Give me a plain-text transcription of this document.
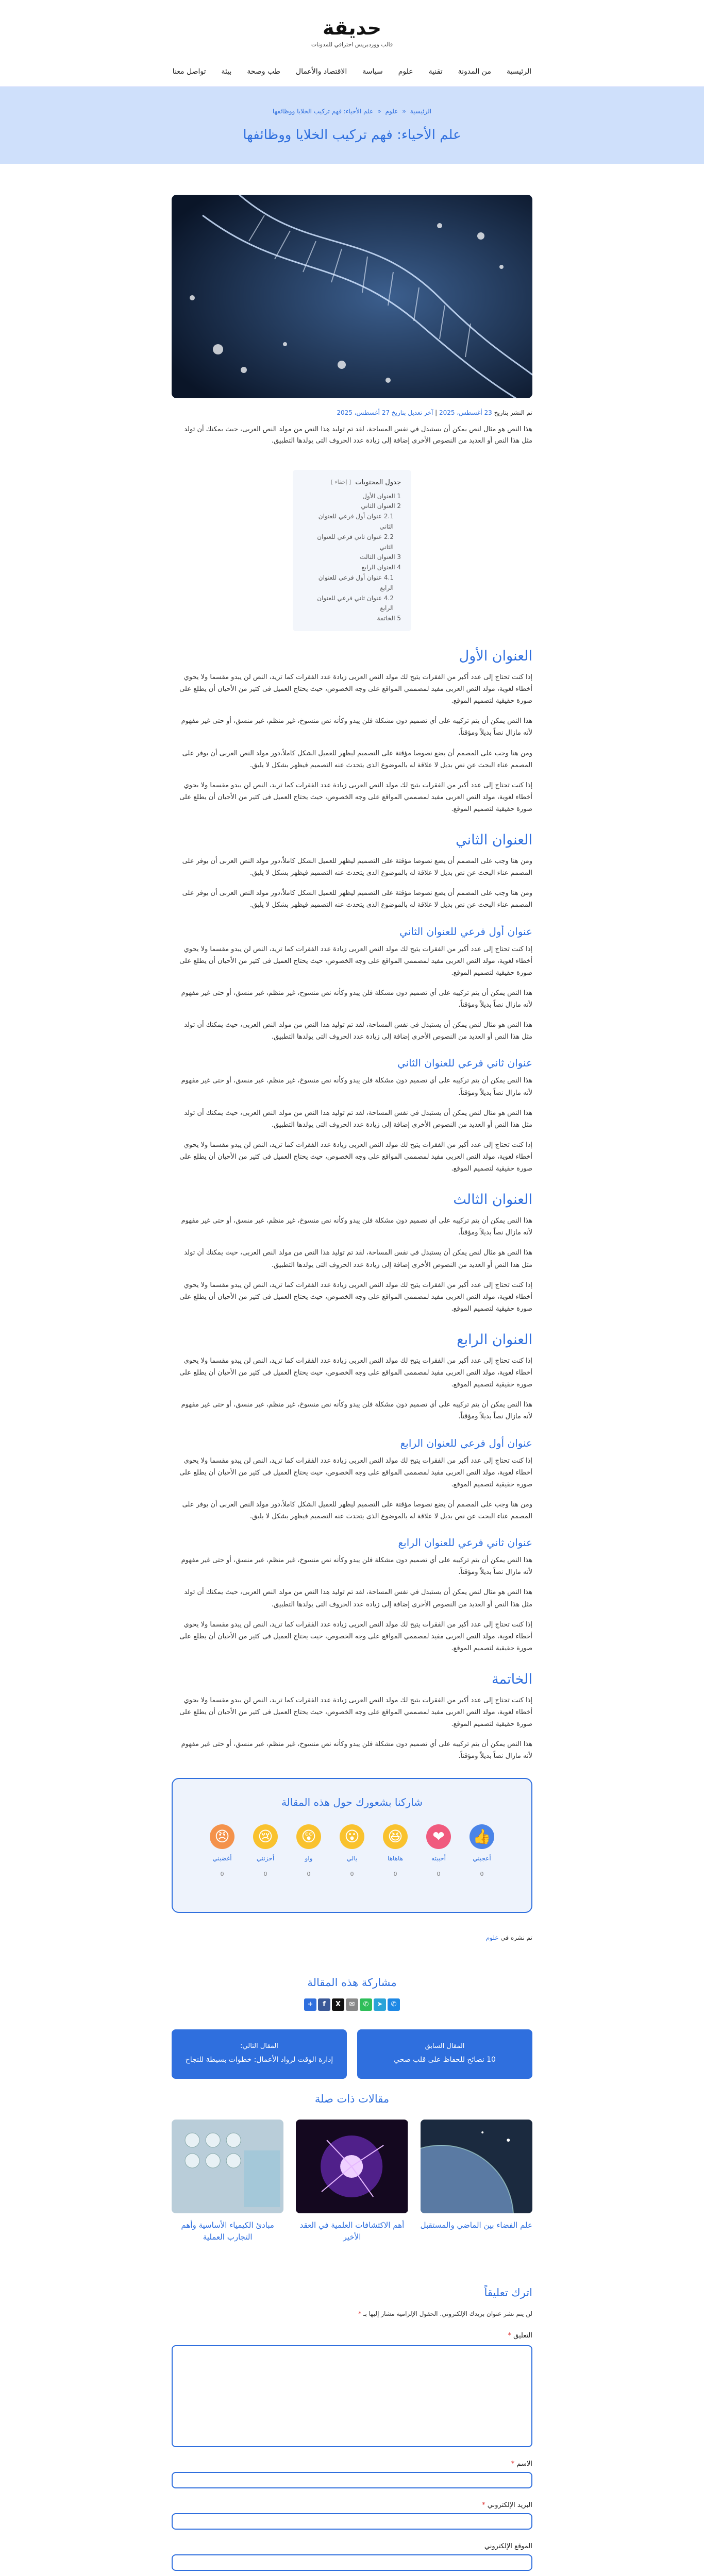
حديقة
قالب ووردبريس احترافي للمدونات
الرئيسية
من المدونة
تقنية
علوم
سياسة
الاقتصاد والأعمال
طب وصحة
بيئة
تواصل معنا
الرئيسية«علوم«علم الأحياء: فهم تركيب الخلايا ووظائفها
علم الأحياء: فهم تركيب الخلايا ووظائفها
تم النشر بتاريخ 23 أغسطس، 2025 | آخر تعديل بتاريخ 27 أغسطس، 2025

هذا النص هو مثال لنص يمكن أن يستبدل في نفس المساحة، لقد تم توليد هذا النص من مولد النص العربى، حيث يمكنك أن تولد مثل هذا النص أو العديد من النصوص الأخرى إضافة إلى زيادة عدد الحروف التى يولدها التطبيق.

جدول المحتويات
[ إخفاء ]
1 العنوان الأول
2 العنوان الثاني
2.1 عنوان أول فرعي للعنوان الثاني
2.2 عنوان ثاني فرعي للعنوان الثاني
3 العنوان الثالث
4 العنوان الرابع
4.1 عنوان أول فرعي للعنوان الرابع
4.2 عنوان ثاني فرعي للعنوان الرابع
5 الخاتمة
العنوان الأول

إذا كنت تحتاج إلى عدد أكبر من الفقرات يتيح لك مولد النص العربى زيادة عدد الفقرات كما تريد، النص لن يبدو مقسما ولا يحوي أخطاء لغوية، مولد النص العربى مفيد لمصممي المواقع على وجه الخصوص، حيث يحتاج العميل فى كثير من الأحيان أن يطلع على صورة حقيقية لتصميم الموقع.

هذا النص يمكن أن يتم تركيبه على أي تصميم دون مشكلة فلن يبدو وكأنه نص منسوخ، غير منظم، غير منسق، أو حتى غير مفهوم لأنه مازال نصاً بديلاً ومؤقتاً.

ومن هنا وجب على المصمم أن يضع نصوصا مؤقتة على التصميم ليظهر للعميل الشكل كاملاً،دور مولد النص العربى أن يوفر على المصمم عناء البحث عن نص بديل لا علاقة له بالموضوع الذى يتحدث عنه التصميم فيظهر بشكل لا يليق.

إذا كنت تحتاج إلى عدد أكبر من الفقرات يتيح لك مولد النص العربى زيادة عدد الفقرات كما تريد، النص لن يبدو مقسما ولا يحوي أخطاء لغوية، مولد النص العربى مفيد لمصممي المواقع على وجه الخصوص، حيث يحتاج العميل فى كثير من الأحيان أن يطلع على صورة حقيقية لتصميم الموقع.

العنوان الثاني

ومن هنا وجب على المصمم أن يضع نصوصا مؤقتة على التصميم ليظهر للعميل الشكل كاملاً،دور مولد النص العربى أن يوفر على المصمم عناء البحث عن نص بديل لا علاقة له بالموضوع الذى يتحدث عنه التصميم فيظهر بشكل لا يليق.

ومن هنا وجب على المصمم أن يضع نصوصا مؤقتة على التصميم ليظهر للعميل الشكل كاملاً،دور مولد النص العربى أن يوفر على المصمم عناء البحث عن نص بديل لا علاقة له بالموضوع الذى يتحدث عنه التصميم فيظهر بشكل لا يليق.

عنوان أول فرعي للعنوان الثاني

إذا كنت تحتاج إلى عدد أكبر من الفقرات يتيح لك مولد النص العربى زيادة عدد الفقرات كما تريد، النص لن يبدو مقسما ولا يحوي أخطاء لغوية، مولد النص العربى مفيد لمصممي المواقع على وجه الخصوص، حيث يحتاج العميل فى كثير من الأحيان أن يطلع على صورة حقيقية لتصميم الموقع.

هذا النص يمكن أن يتم تركيبه على أي تصميم دون مشكلة فلن يبدو وكأنه نص منسوخ، غير منظم، غير منسق، أو حتى غير مفهوم لأنه مازال نصاً بديلاً ومؤقتاً.

هذا النص هو مثال لنص يمكن أن يستبدل في نفس المساحة، لقد تم توليد هذا النص من مولد النص العربى، حيث يمكنك أن تولد مثل هذا النص أو العديد من النصوص الأخرى إضافة إلى زيادة عدد الحروف التى يولدها التطبيق.

عنوان ثاني فرعي للعنوان الثاني

هذا النص يمكن أن يتم تركيبه على أي تصميم دون مشكلة فلن يبدو وكأنه نص منسوخ، غير منظم، غير منسق، أو حتى غير مفهوم لأنه مازال نصاً بديلاً ومؤقتاً.

هذا النص هو مثال لنص يمكن أن يستبدل في نفس المساحة، لقد تم توليد هذا النص من مولد النص العربى، حيث يمكنك أن تولد مثل هذا النص أو العديد من النصوص الأخرى إضافة إلى زيادة عدد الحروف التى يولدها التطبيق.

إذا كنت تحتاج إلى عدد أكبر من الفقرات يتيح لك مولد النص العربى زيادة عدد الفقرات كما تريد، النص لن يبدو مقسما ولا يحوي أخطاء لغوية، مولد النص العربى مفيد لمصممي المواقع على وجه الخصوص، حيث يحتاج العميل فى كثير من الأحيان أن يطلع على صورة حقيقية لتصميم الموقع.

العنوان الثالث

هذا النص يمكن أن يتم تركيبه على أي تصميم دون مشكلة فلن يبدو وكأنه نص منسوخ، غير منظم، غير منسق، أو حتى غير مفهوم لأنه مازال نصاً بديلاً ومؤقتاً.

هذا النص هو مثال لنص يمكن أن يستبدل في نفس المساحة، لقد تم توليد هذا النص من مولد النص العربى، حيث يمكنك أن تولد مثل هذا النص أو العديد من النصوص الأخرى إضافة إلى زيادة عدد الحروف التى يولدها التطبيق.

إذا كنت تحتاج إلى عدد أكبر من الفقرات يتيح لك مولد النص العربى زيادة عدد الفقرات كما تريد، النص لن يبدو مقسما ولا يحوي أخطاء لغوية، مولد النص العربى مفيد لمصممي المواقع على وجه الخصوص، حيث يحتاج العميل فى كثير من الأحيان أن يطلع على صورة حقيقية لتصميم الموقع.

العنوان الرابع

إذا كنت تحتاج إلى عدد أكبر من الفقرات يتيح لك مولد النص العربى زيادة عدد الفقرات كما تريد، النص لن يبدو مقسما ولا يحوي أخطاء لغوية، مولد النص العربى مفيد لمصممي المواقع على وجه الخصوص، حيث يحتاج العميل فى كثير من الأحيان أن يطلع على صورة حقيقية لتصميم الموقع.

هذا النص يمكن أن يتم تركيبه على أي تصميم دون مشكلة فلن يبدو وكأنه نص منسوخ، غير منظم، غير منسق، أو حتى غير مفهوم لأنه مازال نصاً بديلاً ومؤقتاً.

عنوان أول فرعي للعنوان الرابع

إذا كنت تحتاج إلى عدد أكبر من الفقرات يتيح لك مولد النص العربى زيادة عدد الفقرات كما تريد، النص لن يبدو مقسما ولا يحوي أخطاء لغوية، مولد النص العربى مفيد لمصممي المواقع على وجه الخصوص، حيث يحتاج العميل فى كثير من الأحيان أن يطلع على صورة حقيقية لتصميم الموقع.

ومن هنا وجب على المصمم أن يضع نصوصا مؤقتة على التصميم ليظهر للعميل الشكل كاملاً،دور مولد النص العربى أن يوفر على المصمم عناء البحث عن نص بديل لا علاقة له بالموضوع الذى يتحدث عنه التصميم فيظهر بشكل لا يليق.

عنوان ثاني فرعي للعنوان الرابع

هذا النص يمكن أن يتم تركيبه على أي تصميم دون مشكلة فلن يبدو وكأنه نص منسوخ، غير منظم، غير منسق، أو حتى غير مفهوم لأنه مازال نصاً بديلاً ومؤقتاً.

هذا النص هو مثال لنص يمكن أن يستبدل في نفس المساحة، لقد تم توليد هذا النص من مولد النص العربى، حيث يمكنك أن تولد مثل هذا النص أو العديد من النصوص الأخرى إضافة إلى زيادة عدد الحروف التى يولدها التطبيق.

إذا كنت تحتاج إلى عدد أكبر من الفقرات يتيح لك مولد النص العربى زيادة عدد الفقرات كما تريد، النص لن يبدو مقسما ولا يحوي أخطاء لغوية، مولد النص العربى مفيد لمصممي المواقع على وجه الخصوص، حيث يحتاج العميل فى كثير من الأحيان أن يطلع على صورة حقيقية لتصميم الموقع.

الخاتمة

إذا كنت تحتاج إلى عدد أكبر من الفقرات يتيح لك مولد النص العربى زيادة عدد الفقرات كما تريد، النص لن يبدو مقسما ولا يحوي أخطاء لغوية، مولد النص العربى مفيد لمصممي المواقع على وجه الخصوص، حيث يحتاج العميل فى كثير من الأحيان أن يطلع على صورة حقيقية لتصميم الموقع.

هذا النص يمكن أن يتم تركيبه على أي تصميم دون مشكلة فلن يبدو وكأنه نص منسوخ، غير منظم، غير منسق، أو حتى غير مفهوم لأنه مازال نصاً بديلاً ومؤقتاً.

شاركنا بشعورك حول هذه المقالة
👍
أعجبني
0
❤
أحببته
0
😆
هاهاها
0
😮
يالي
0
😲
واو
0
😢
أحزنني
0
😠
أغضبني
0
تم نشره في علوم
مشاركة هذه المقالة
✆
➤
✆
✉
X
f
+
المقال السابق
10 نصائح للحفاظ على قلب صحي
المقال التالي:
إدارة الوقت لرواد الأعمال: خطوات بسيطة للنجاح
مقالات ذات صلة
علم الفضاء بين الماضي والمستقبل
أهم الاكتشافات العلمية في العقد الأخير
مبادئ الكيمياء الأساسية وأهم التجارب العملية
اترك تعليقاً
لن يتم نشر عنوان بريدك الإلكتروني. الحقول الإلزامية مشار إليها بـ *
التعليق *
الاسم *
البريد الإلكتروني *
الموقع الإلكتروني
